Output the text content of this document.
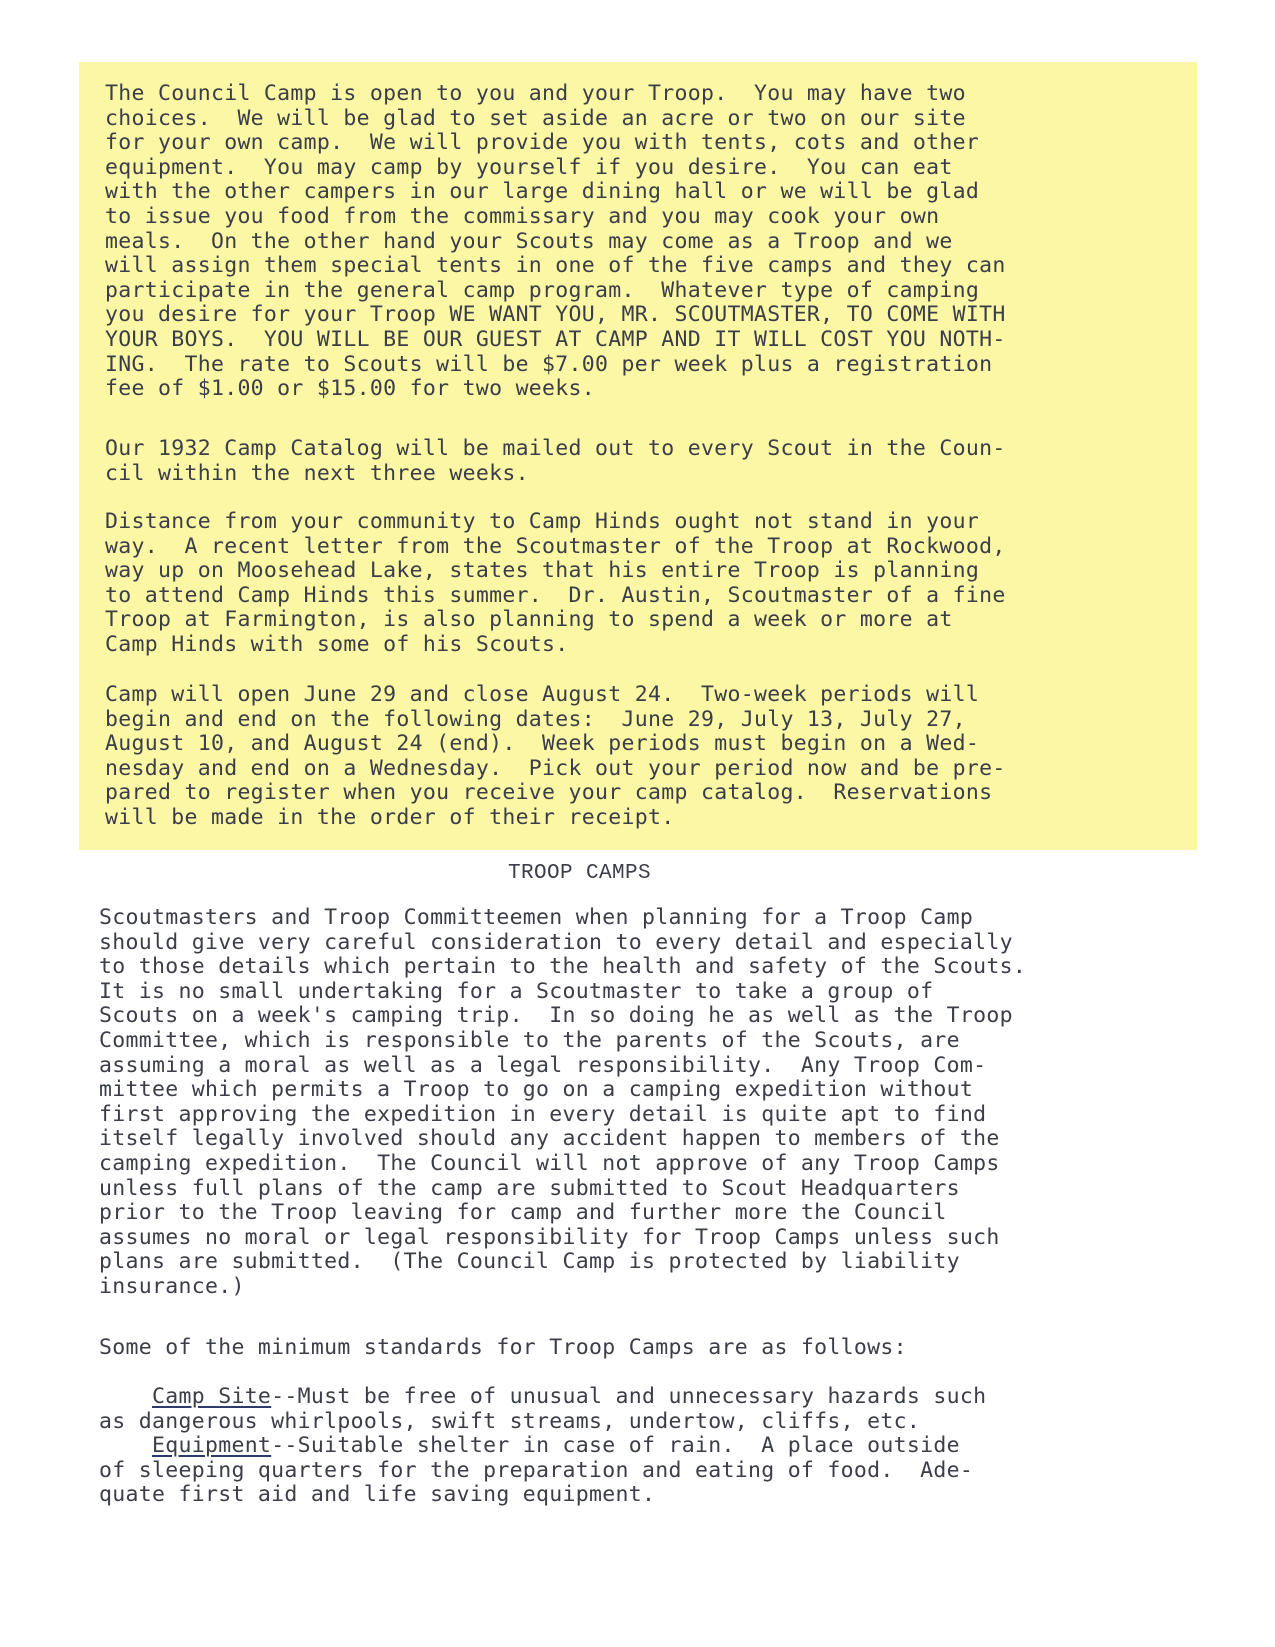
The Council Camp is open to you and your Troop.  You may have two
choices.  We will be glad to set aside an acre or two on our site
for your own camp.  We will provide you with tents, cots and other
equipment.  You may camp by yourself if you desire.  You can eat
with the other campers in our large dining hall or we will be glad
to issue you food from the commissary and you may cook your own
meals.  On the other hand your Scouts may come as a Troop and we
will assign them special tents in one of the five camps and they can
participate in the general camp program.  Whatever type of camping
you desire for your Troop WE WANT YOU, MR. SCOUTMASTER, TO COME WITH
YOUR BOYS.  YOU WILL BE OUR GUEST AT CAMP AND IT WILL COST YOU NOTH-
ING.  The rate to Scouts will be $7.00 per week plus a registration
fee of $1.00 or $15.00 for two weeks.
Our 1932 Camp Catalog will be mailed out to every Scout in the Coun-
cil within the next three weeks.
Distance from your community to Camp Hinds ought not stand in your
way.  A recent letter from the Scoutmaster of the Troop at Rockwood,
way up on Moosehead Lake, states that his entire Troop is planning
to attend Camp Hinds this summer.  Dr. Austin, Scoutmaster of a fine
Troop at Farmington, is also planning to spend a week or more at
Camp Hinds with some of his Scouts.
Camp will open June 29 and close August 24.  Two-week periods will
begin and end on the following dates:  June 29, July 13, July 27,
August 10, and August 24 (end).  Week periods must begin on a Wed-
nesday and end on a Wednesday.  Pick out your period now and be pre-
pared to register when you receive your camp catalog.  Reservations
will be made in the order of their receipt.
TROOP CAMPS
Scoutmasters and Troop Committeemen when planning for a Troop Camp
should give very careful consideration to every detail and especially
to those details which pertain to the health and safety of the Scouts.
It is no small undertaking for a Scoutmaster to take a group of
Scouts on a week's camping trip.  In so doing he as well as the Troop
Committee, which is responsible to the parents of the Scouts, are
assuming a moral as well as a legal responsibility.  Any Troop Com-
mittee which permits a Troop to go on a camping expedition without
first approving the expedition in every detail is quite apt to find
itself legally involved should any accident happen to members of the
camping expedition.  The Council will not approve of any Troop Camps
unless full plans of the camp are submitted to Scout Headquarters
prior to the Troop leaving for camp and further more the Council
assumes no moral or legal responsibility for Troop Camps unless such
plans are submitted.  (The Council Camp is protected by liability
insurance.)
Some of the minimum standards for Troop Camps are as follows:
Camp Site--Must be free of unusual and unnecessary hazards such
as dangerous whirlpools, swift streams, undertow, cliffs, etc.
Equipment--Suitable shelter in case of rain.  A place outside
of sleeping quarters for the preparation and eating of food.  Ade-
quate first aid and life saving equipment.
